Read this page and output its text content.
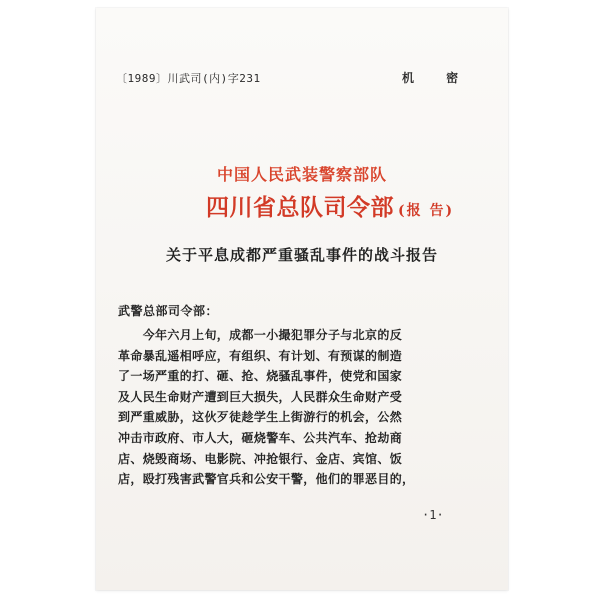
〔1989〕川武司(内)字231	机 密
中国人民武装警察部队
四川省总队司令部 (报 告)
关于平息成都严重骚乱事件的战斗报告
武警总部司令部：
　　今年六月上旬，成都一小撮犯罪分子与北京的反
革命暴乱遥相呼应，有组织、有计划、有预谋的制造
了一场严重的打、砸、抢、烧骚乱事件，使党和国家
及人民生命财产遭到巨大损失，人民群众生命财产受
到严重威胁，这伙歹徒趁学生上街游行的机会，公然
冲击市政府、市人大，砸烧警车、公共汽车、抢劫商
店、烧毁商场、电影院、冲抢银行、金店、宾馆、饭
店，殴打残害武警官兵和公安干警，他们的罪恶目的，
·1·
